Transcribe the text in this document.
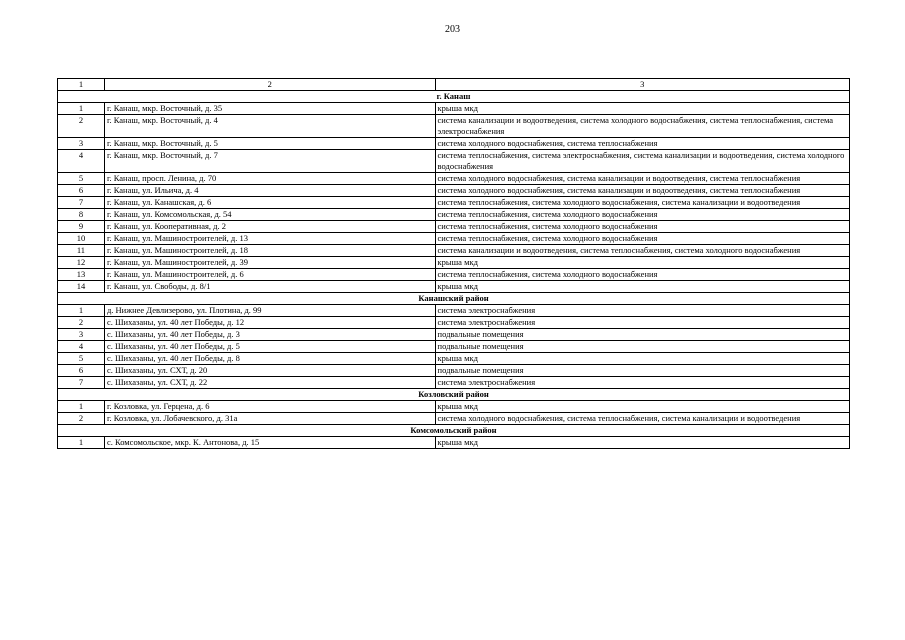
203
1	2	3
г. Канаш		
1	г. Канаш, мкр. Восточный, д. 35	крыша мкд
2	г. Канаш, мкр. Восточный, д. 4	система канализации и водоотведения, система холодного водоснабжения, система теплоснабжения, система электроснабжения
3	г. Канаш, мкр. Восточный, д. 5	система холодного водоснабжения, система теплоснабжения
4	г. Канаш, мкр. Восточный, д. 7	система теплоснабжения, система электроснабжения, система канализации и водоотведения, система холодного водоснабжения
5	г. Канаш, просп. Ленина, д. 70	система холодного водоснабжения, система канализации и водоотведения, система теплоснабжения
6	г. Канаш, ул. Ильича, д. 4	система холодного водоснабжения, система канализации и водоотведения, система теплоснабжения
7	г. Канаш, ул. Канашская, д. 6	система теплоснабжения, система холодного водоснабжения, система канализации и водоотведения
8	г. Канаш, ул. Комсомольская, д. 54	система теплоснабжения, система холодного водоснабжения
9	г. Канаш, ул. Кооперативная, д. 2	система теплоснабжения, система холодного водоснабжения
10	г. Канаш, ул. Машиностроителей, д. 13	система теплоснабжения, система холодного водоснабжения
11	г. Канаш, ул. Машиностроителей, д. 18	система канализации и водоотведения, система теплоснабжения, система холодного водоснабжения
12	г. Канаш, ул. Машиностроителей, д. 39	крыша мкд
13	г. Канаш, ул. Машиностроителей, д. 6	система теплоснабжения, система холодного водоснабжения
14	г. Канаш, ул. Свободы, д. 8/1	крыша мкд
Канашский район		
1	д. Нижнее Девлизерово, ул. Плотина, д. 99	система электроснабжения
2	с. Шихазаны, ул. 40 лет Победы, д. 12	система электроснабжения
3	с. Шихазаны, ул. 40 лет Победы, д. 3	подвальные помещения
4	с. Шихазаны, ул. 40 лет Победы, д. 5	подвальные помещения
5	с. Шихазаны, ул. 40 лет Победы, д. 8	крыша мкд
6	с. Шихазаны, ул. СХТ, д. 20	подвальные помещения
7	с. Шихазаны, ул. СХТ, д. 22	система электроснабжения
Козловский район		
1	г. Козловка, ул. Герцена, д. 6	крыша мкд
2	г. Козловка, ул. Лобачевского, д. 31а	система холодного водоснабжения, система теплоснабжения, система канализации и водоотведения
Комсомольский район		
1	с. Комсомольское, мкр. К. Антонова, д. 15	крыша мкд
